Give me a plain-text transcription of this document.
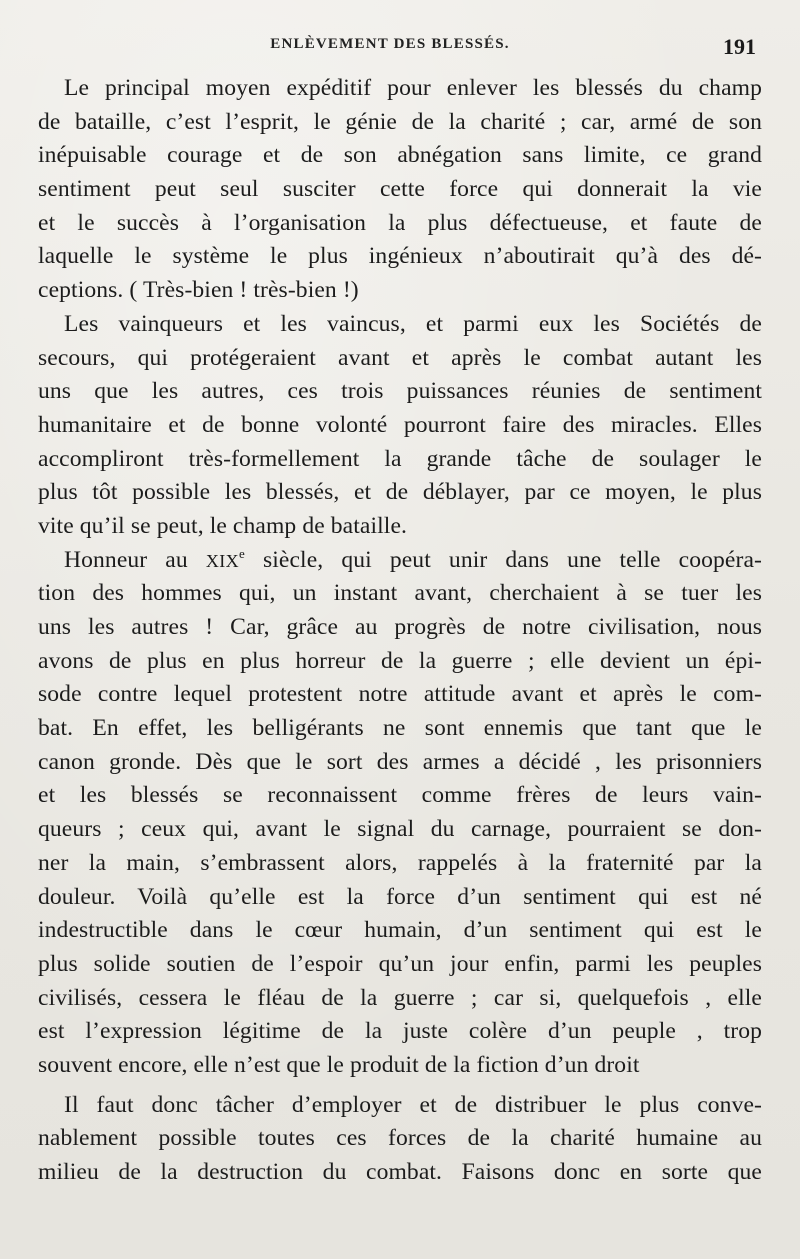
ENLÈVEMENT DES BLESSÉS.	191
Le principal moyen expéditif pour enlever les blessés du champ
de bataille, c’est l’esprit, le génie de la charité ; car, armé de son
inépuisable courage et de son abnégation sans limite, ce grand
sentiment peut seul susciter cette force qui donnerait la vie
et le succès à l’organisation la plus défectueuse, et faute de
laquelle le système le plus ingénieux n’aboutirait qu’à des dé-
ceptions. ( Très-bien ! très-bien !)
Les vainqueurs et les vaincus, et parmi eux les Sociétés de
secours, qui protégeraient avant et après le combat autant les
uns que les autres, ces trois puissances réunies de sentiment
humanitaire et de bonne volonté pourront faire des miracles. Elles
accompliront très-formellement la grande tâche de soulager le
plus tôt possible les blessés, et de déblayer, par ce moyen, le plus
vite qu’il se peut, le champ de bataille.
Honneur au XIXe siècle, qui peut unir dans une telle coopéra-
tion des hommes qui, un instant avant, cherchaient à se tuer les
uns les autres ! Car, grâce au progrès de notre civilisation, nous
avons de plus en plus horreur de la guerre ; elle devient un épi-
sode contre lequel protestent notre attitude avant et après le com-
bat. En effet, les belligérants ne sont ennemis que tant que le
canon gronde. Dès que le sort des armes a décidé , les prisonniers
et les blessés se reconnaissent comme frères de leurs vain-
queurs ; ceux qui, avant le signal du carnage, pourraient se don-
ner la main, s’embrassent alors, rappelés à la fraternité par la
douleur. Voilà qu’elle est la force d’un sentiment qui est né
indestructible dans le cœur humain, d’un sentiment qui est le
plus solide soutien de l’espoir qu’un jour enfin, parmi les peuples
civilisés, cessera le fléau de la guerre ; car si, quelquefois , elle
est l’expression légitime de la juste colère d’un peuple , trop
souvent encore, elle n’est que le produit de la fiction d’un droit
Il faut donc tâcher d’employer et de distribuer le plus conve-
nablement possible toutes ces forces de la charité humaine au
milieu de la destruction du combat. Faisons donc en sorte que
